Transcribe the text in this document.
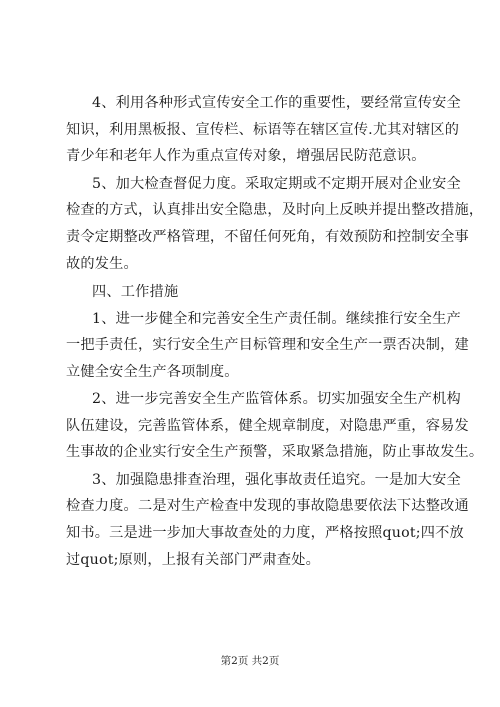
4、利用各种形式宣传安全工作的重要性，要经常宣传安全
知识，利用黑板报、宣传栏、标语等在辖区宣传.尤其对辖区的
青少年和老年人作为重点宣传对象，增强居民防范意识。
5、加大检查督促力度。采取定期或不定期开展对企业安全
检查的方式，认真排出安全隐患，及时向上反映并提出整改措施，
责令定期整改严格管理，不留任何死角，有效预防和控制安全事
故的发生。
四、工作措施
1、进一步健全和完善安全生产责任制。继续推行安全生产
一把手责任，实行安全生产目标管理和安全生产一票否决制，建
立健全安全生产各项制度。
2、进一步完善安全生产监管体系。切实加强安全生产机构
队伍建设，完善监管体系，健全规章制度，对隐患严重，容易发
生事故的企业实行安全生产预警，采取紧急措施，防止事故发生。
3、加强隐患排查治理，强化事故责任追究。一是加大安全
检查力度。二是对生产检查中发现的事故隐患要依法下达整改通
知书。三是进一步加大事故查处的力度，严格按照quot;四不放
过quot;原则，上报有关部门严肃查处。
第2页 共2页
